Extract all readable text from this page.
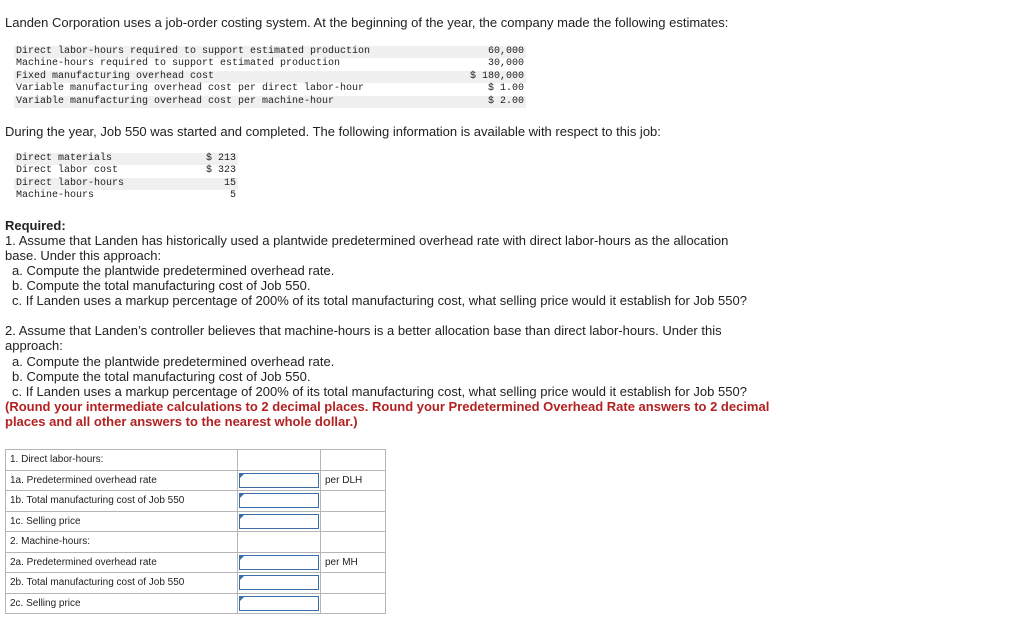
Landen Corporation uses a job-order costing system. At the beginning of the year, the company made the following estimates:
Direct labor-hours required to support estimated production	60,000
Machine-hours required to support estimated production	30,000
Fixed manufacturing overhead cost	$ 180,000
Variable manufacturing overhead cost per direct labor-hour	$ 1.00
Variable manufacturing overhead cost per machine-hour	$ 2.00
During the year, Job 550 was started and completed. The following information is available with respect to this job:
Direct materials	$ 213
Direct labor cost	$ 323
Direct labor-hours	15
Machine-hours	5
Required:
1. Assume that Landen has historically used a plantwide predetermined overhead rate with direct labor-hours as the allocation
base. Under this approach:
a. Compute the plantwide predetermined overhead rate.
b. Compute the total manufacturing cost of Job 550.
c. If Landen uses a markup percentage of 200% of its total manufacturing cost, what selling price would it establish for Job 550?
2. Assume that Landen’s controller believes that machine-hours is a better allocation base than direct labor-hours. Under this
approach:
a. Compute the plantwide predetermined overhead rate.
b. Compute the total manufacturing cost of Job 550.
c. If Landen uses a markup percentage of 200% of its total manufacturing cost, what selling price would it establish for Job 550?
(Round your intermediate calculations to 2 decimal places. Round your Predetermined Overhead Rate answers to 2 decimal
places and all other answers to the nearest whole dollar.)
1. Direct labor-hours:		
1a. Predetermined overhead rate		per DLH
1b. Total manufacturing cost of Job 550	

1c. Selling price	

2. Machine-hours:		
2a. Predetermined overhead rate		per MH
2b. Total manufacturing cost of Job 550	

2c. Selling price	
